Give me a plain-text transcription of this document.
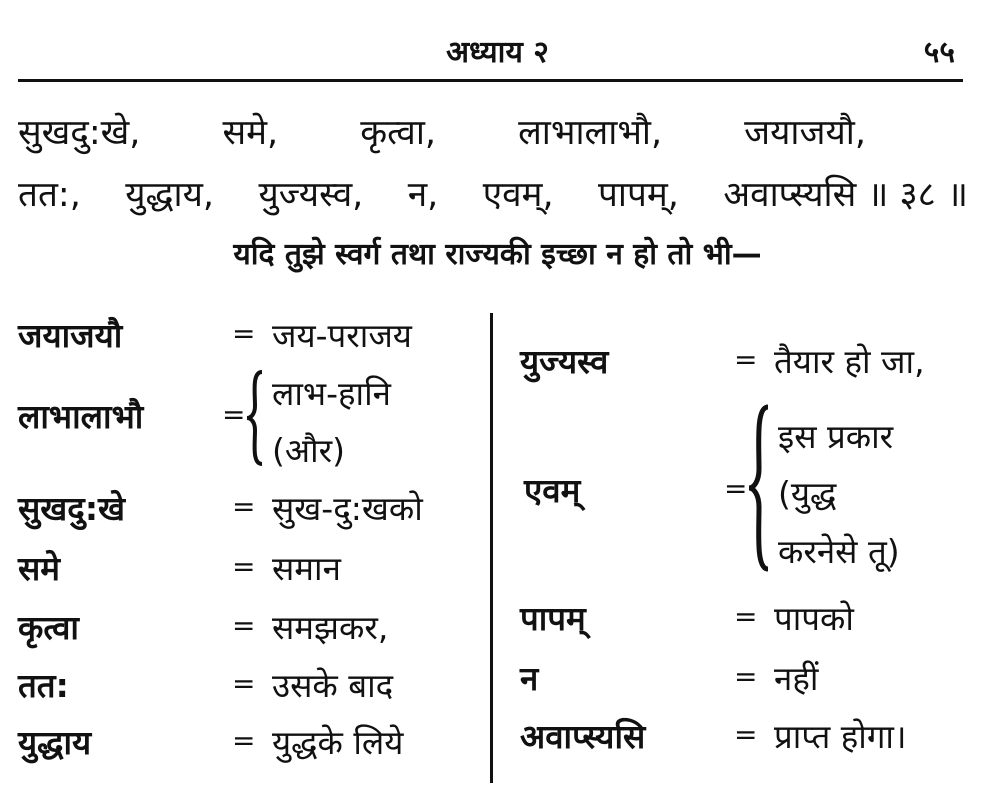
अध्याय २	५५
सुखदु:खे, समे, कृत्वा, लाभालाभौ, जयाजयौ,
तत:, युद्धाय, युज्यस्व, न, एवम्, पापम्, अवाप्स्यसि ॥ ३८ ॥
यदि तुझे स्वर्ग तथा राज्यकी इच्छा न हो तो भी—
जयाजयौ	= जय-पराजय
लाभालाभौ	=
लाभ-हानि
(और)
सुखदु:खे	= सुख-दु:खको
समे	= समान
कृत्वा	= समझकर,
तत:	= उसके बाद
युद्धाय	= युद्धके लिये
युज्यस्व	= तैयार हो जा,
एवम्	=
इस प्रकार
(युद्ध
करनेसे तू)
पापम्	= पापको
न	= नहीं
अवाप्स्यसि	= प्राप्त होगा।
